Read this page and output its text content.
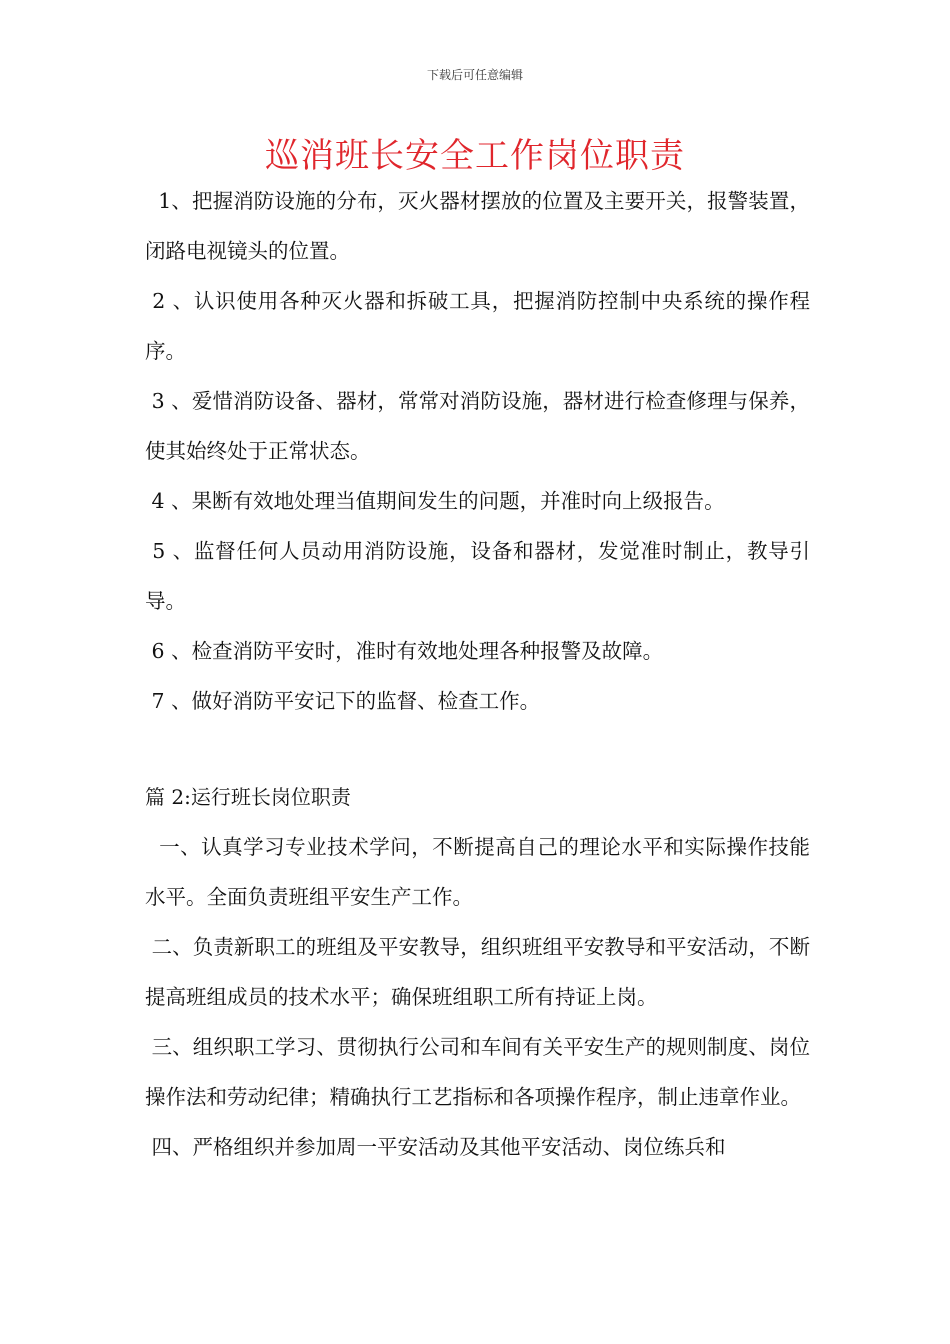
下载后可任意编辑
巡消班长安全工作岗位职责

1、把握消防设施的分布，灭火器材摆放的位置及主要开关，报警装置，闭路电视镜头的位置。

2 、认识使用各种灭火器和拆破工具，把握消防控制中央系统的操作程序。

3 、爱惜消防设备、器材，常常对消防设施，器材进行检查修理与保养，使其始终处于正常状态。

4 、果断有效地处理当值期间发生的问题，并准时向上级报告。

5 、监督任何人员动用消防设施，设备和器材，发觉准时制止，教导引导。

6 、检查消防平安时，准时有效地处理各种报警及故障。

7 、做好消防平安记下的监督、检查工作。

篇 2:运行班长岗位职责

一、认真学习专业技术学问，不断提高自己的理论水平和实际操作技能水平。全面负责班组平安生产工作。

二、负责新职工的班组及平安教导，组织班组平安教导和平安活动，不断提高班组成员的技术水平；确保班组职工所有持证上岗。

三、组织职工学习、贯彻执行公司和车间有关平安生产的规则制度、岗位操作法和劳动纪律；精确执行工艺指标和各项操作程序，制止违章作业。

四、严格组织并参加周一平安活动及其他平安活动、岗位练兵和
